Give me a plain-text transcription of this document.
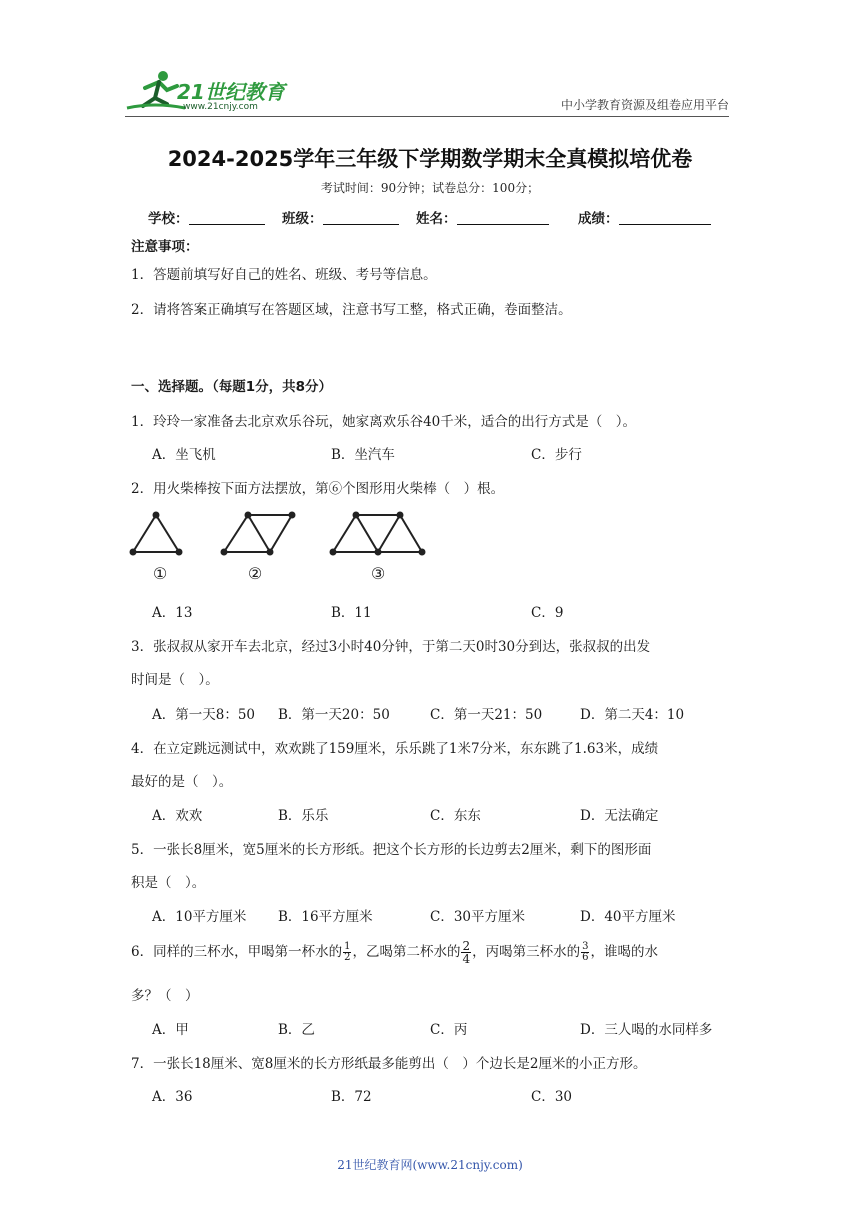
21世纪教育
www.21cnjy.com	中小学教育资源及组卷应用平台
2024-2025学年三年级下学期数学期末全真模拟培优卷
考试时间：90分钟；试卷总分：100分；
学校：	班级：	姓名：	成绩：
注意事项：
1．答题前填写好自己的姓名、班级、考号等信息。
2．请将答案正确填写在答题区域，注意书写工整，格式正确，卷面整洁。
一、选择题。（每题1分，共8分）
1．玲玲一家准备去北京欢乐谷玩，她家离欢乐谷40千米，适合的出行方式是（　）。
A．坐飞机	B．坐汽车	C．步行
2．用火柴棒按下面方法摆放，第⑥个图形用火柴棒（　）根。
①	②	③
A．13	B．11	C．9
3．张叔叔从家开车去北京，经过3小时40分钟，于第二天0时30分到达，张叔叔的出发
时间是（　）。
A．第一天8：50 B．第一天20：50	C．第一天21：50	D．第二天4：10
4．在立定跳远测试中，欢欢跳了159厘米，乐乐跳了1米7分米，东东跳了1.63米，成绩
最好的是（　）。
A．欢欢	B．乐乐	C．东东	D．无法确定
5．一张长8厘米，宽5厘米的长方形纸。把这个长方形的长边剪去2厘米，剩下的图形面
积是（　）。
A．10平方厘米 B．16平方厘米	C．30平方厘米	D．40平方厘米
6．同样的三杯水，甲喝第一杯水的 $\frac{1}{2}$ ，乙喝第二杯水的 $\frac{2}{4}$ ，丙喝第三杯水的 $\frac{3}{6}$ ，谁喝的水
多？（　）
A．甲	B．乙	C．丙	D．三人喝的水同样多
7．一张长18厘米、宽8厘米的长方形纸最多能剪出（　）个边长是2厘米的小正方形。
A．36	B．72	C．30
21世纪教育网(www.21cnjy.com)
